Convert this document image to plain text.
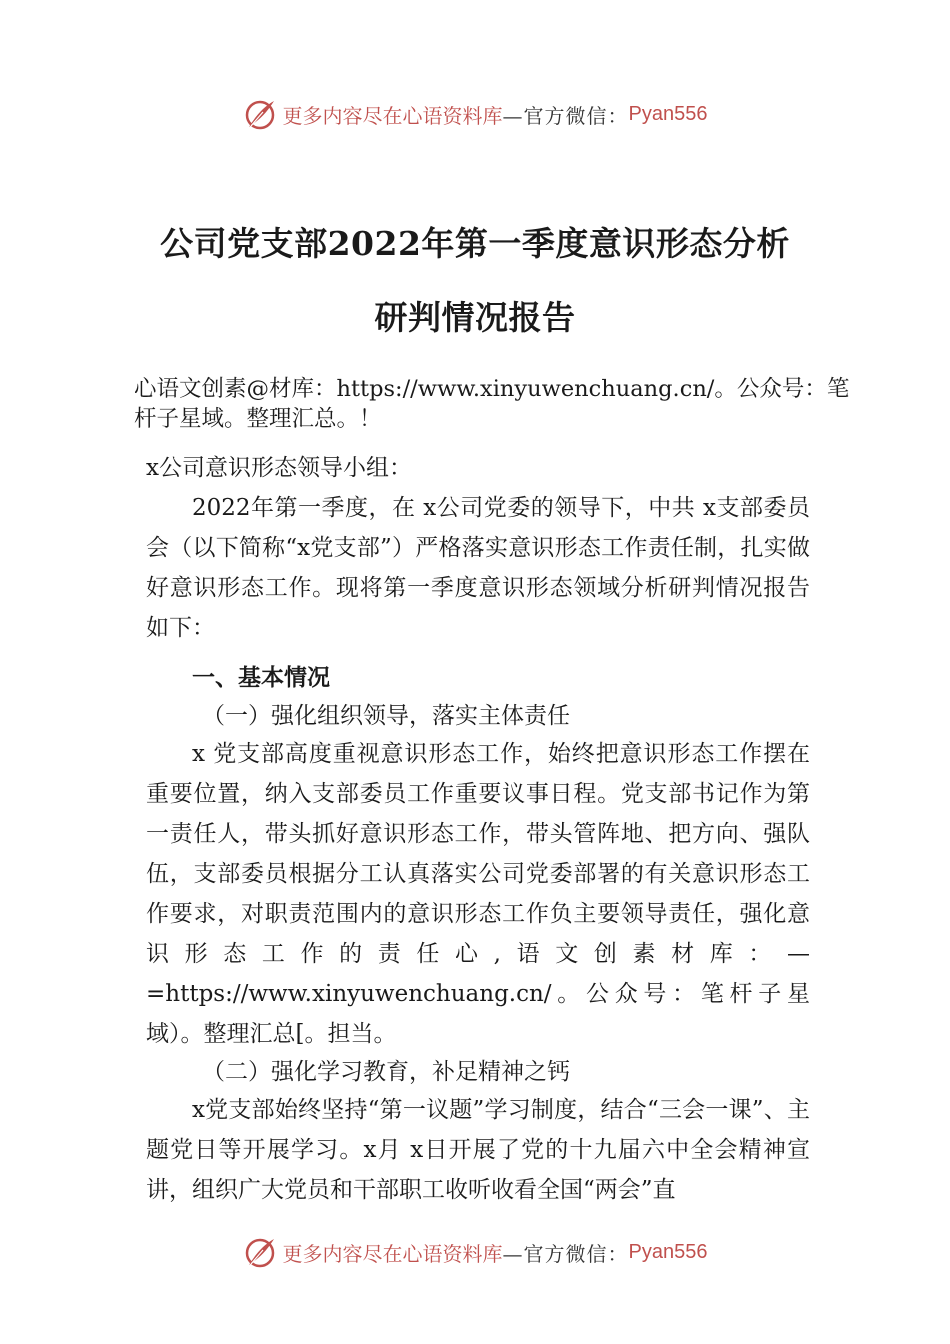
更多内容尽在心语资料库 —官方微信： Pyan556
公司党支部2022年第一季度意识形态分析
研判情况报告
心语文创素@材库：https://www.xinyuwenchuang.cn/。公众号：笔杆子星域。整理汇总。！

x公司意识形态领导小组：

2022年第一季度，在 x公司党委的领导下，中共 x支部委员会（以下简称“x党支部”）严格落实意识形态工作责任制，扎实做好意识形态工作。现将第一季度意识形态领域分析研判情况报告如下：

一、基本情况
（一）强化组织领导，落实主体责任

x 党支部高度重视意识形态工作，始终把意识形态工作摆在重要位置，纳入支部委员工作重要议事日程。党支部书记作为第一责任人，带头抓好意识形态工作，带头管阵地、把方向、强队伍，支部委员根据分工认真落实公司党委部署的有关意识形态工作要求，对职责范围内的意识形态工作负主要领导责任，强化意识形态工作的责任心,语文创素材库：—=https://www.xinyuwenchuang.cn/。公众号：笔杆子星域）。整理汇总[。担当。

（二）强化学习教育，补足精神之钙

x党支部始终坚持“第一议题”学习制度，结合“三会一课”、主题党日等开展学习。x月 x日开展了党的十九届六中全会精神宣讲，组织广大党员和干部职工收听收看全国“两会”直

更多内容尽在心语资料库 —官方微信： Pyan556
